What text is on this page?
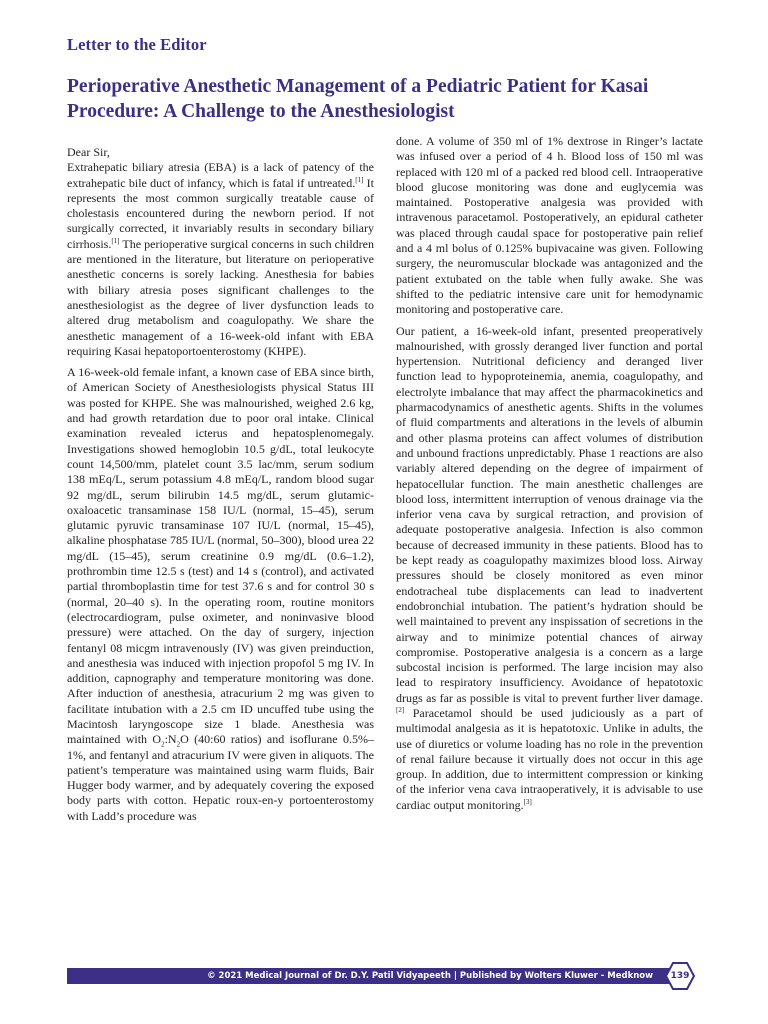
Letter to the Editor
Perioperative Anesthetic Management of a Pediatric Patient for Kasai Procedure: A Challenge to the Anesthesiologist

Dear Sir,

Extrahepatic biliary atresia (EBA) is a lack of patency of the extrahepatic bile duct of infancy, which is fatal if untreated.[1] It represents the most common surgically treatable cause of cholestasis encountered during the newborn period. If not surgically corrected, it invariably results in secondary biliary cirrhosis.[1] The perioperative surgical concerns in such children are mentioned in the literature, but literature on perioperative anesthetic concerns is sorely lacking. Anesthesia for babies with biliary atresia poses significant challenges to the anesthesiologist as the degree of liver dysfunction leads to altered drug metabolism and coagulopathy. We share the anesthetic management of a 16-week-old infant with EBA requiring Kasai hepatoportoenterostomy (KHPE).

A 16-week-old female infant, a known case of EBA since birth, of American Society of Anesthesiologists physical Status III was posted for KHPE. She was malnourished, weighed 2.6 kg, and had growth retardation due to poor oral intake. Clinical examination revealed icterus and hepatosplenomegaly. Investigations showed hemoglobin 10.5 g/dL, total leukocyte count 14,500/mm, platelet count 3.5 lac/mm, serum sodium 138 mEq/L, serum potassium 4.8 mEq/L, random blood sugar 92 mg/dL, serum bilirubin 14.5 mg/dL, serum glutamic-oxaloacetic transaminase 158 IU/L (normal, 15–45), serum glutamic pyruvic transaminase 107 IU/L (normal, 15–45), alkaline phosphatase 785 IU/L (normal, 50–300), blood urea 22 mg/dL (15–45), serum creatinine 0.9 mg/dL (0.6–1.2), prothrombin time 12.5 s (test) and 14 s (control), and activated partial thromboplastin time for test 37.6 s and for control 30 s (normal, 20–40 s). In the operating room, routine monitors (electrocardiogram, pulse oximeter, and noninvasive blood pressure) were attached. On the day of surgery, injection fentanyl 08 micgm intravenously (IV) was given preinduction, and anesthesia was induced with injection propofol 5 mg IV. In addition, capnography and temperature monitoring was done. After induction of anesthesia, atracurium 2 mg was given to facilitate intubation with a 2.5 cm ID uncuffed tube using the Macintosh laryngoscope size 1 blade. Anesthesia was maintained with $O_2:N_2O$ (40:60 ratios) and isoflurane 0.5%–1%, and fentanyl and atracurium IV were given in aliquots. The patient’s temperature was maintained using warm fluids, Bair Hugger body warmer, and by adequately covering the exposed body parts with cotton. Hepatic roux-en-y portoenterostomy with Ladd’s procedure was

done. A volume of 350 ml of 1% dextrose in Ringer’s lactate was infused over a period of 4 h. Blood loss of 150 ml was replaced with 120 ml of a packed red blood cell. Intraoperative blood glucose monitoring was done and euglycemia was maintained. Postoperative analgesia was provided with intravenous paracetamol. Postoperatively, an epidural catheter was placed through caudal space for postoperative pain relief and a 4 ml bolus of 0.125% bupivacaine was given. Following surgery, the neuromuscular blockade was antagonized and the patient extubated on the table when fully awake. She was shifted to the pediatric intensive care unit for hemodynamic monitoring and postoperative care.

Our patient, a 16-week-old infant, presented preoperatively malnourished, with grossly deranged liver function and portal hypertension. Nutritional deficiency and deranged liver function lead to hypoproteinemia, anemia, coagulopathy, and electrolyte imbalance that may affect the pharmacokinetics and pharmacodynamics of anesthetic agents. Shifts in the volumes of fluid compartments and alterations in the levels of albumin and other plasma proteins can affect volumes of distribution and unbound fractions unpredictably. Phase 1 reactions are also variably altered depending on the degree of impairment of hepatocellular function. The main anesthetic challenges are blood loss, intermittent interruption of venous drainage via the inferior vena cava by surgical retraction, and provision of adequate postoperative analgesia. Infection is also common because of decreased immunity in these patients. Blood has to be kept ready as coagulopathy maximizes blood loss. Airway pressures should be closely monitored as even minor endotracheal tube displacements can lead to inadvertent endobronchial intubation. The patient’s hydration should be well maintained to prevent any inspissation of secretions in the airway and to minimize potential chances of airway compromise. Postoperative analgesia is a concern as a large subcostal incision is performed. The large incision may also lead to respiratory insufficiency. Avoidance of hepatotoxic drugs as far as possible is vital to prevent further liver damage.[2] Paracetamol should be used judiciously as a part of multimodal analgesia as it is hepatotoxic. Unlike in adults, the use of diuretics or volume loading has no role in the prevention of renal failure because it virtually does not occur in this age group. In addition, due to intermittent compression or kinking of the inferior vena cava intraoperatively, it is advisable to use cardiac output monitoring.[3]

© 2021 Medical Journal of Dr. D.Y. Patil Vidyapeeth | Published by Wolters Kluwer - Medknow	139
